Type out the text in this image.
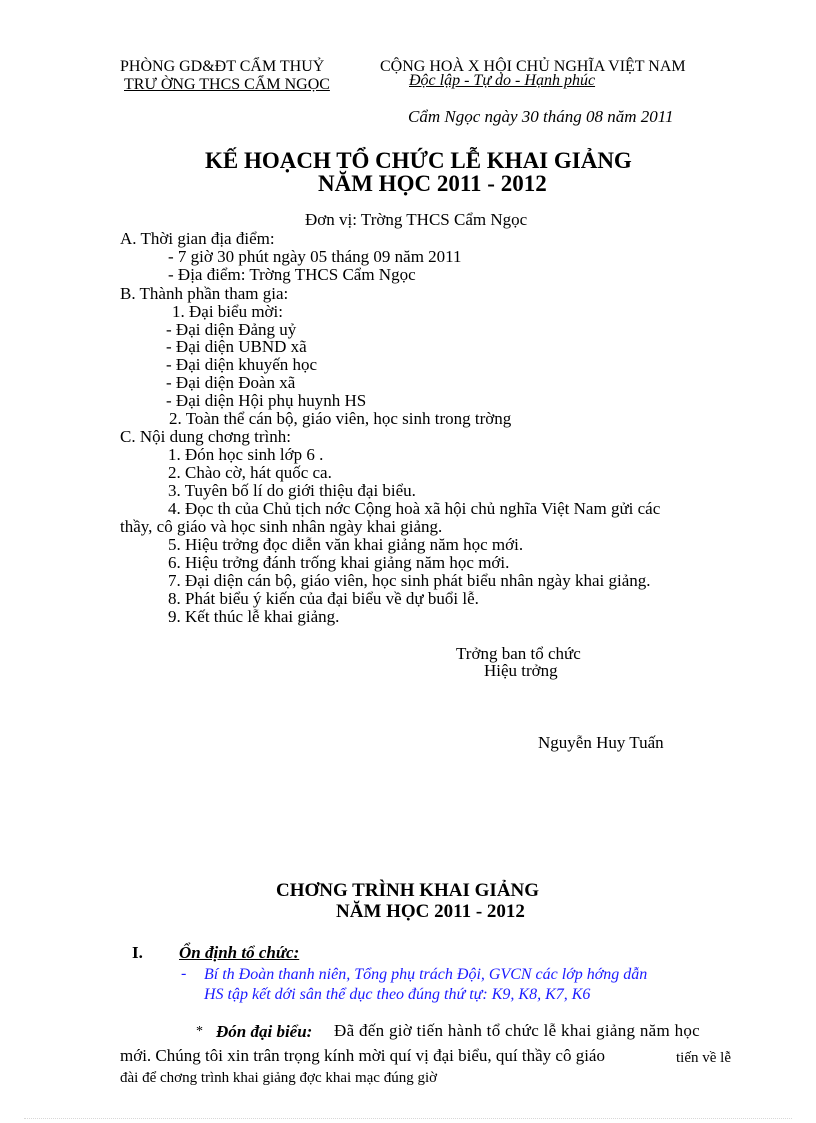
PHÒNG GD&ĐT CẨM THUỶ
TRƯ ỜNG THCS CẨM NGỌC
CỘNG HOÀ X HỘI CHỦ NGHĨA VIỆT NAM
Độc lập - Tự do - Hạnh phúc
Cẩm Ngọc ngày 30 tháng 08 năm 2011
KẾ HOẠCH TỔ CHỨC LỄ KHAI GIẢNG
NĂM HỌC 2011 - 2012
Đơn vị: Trờng THCS Cẩm Ngọc
A. Thời gian địa điểm:
- 7 giờ 30 phút ngày 05 tháng 09 năm 2011
- Địa điểm: Trờng THCS Cẩm Ngọc
B. Thành phần tham gia:
1. Đại biểu mời:
- Đại diện Đảng uỷ
- Đại diện UBND xã
- Đại diện khuyến học
- Đại diện Đoàn xã
- Đại diện Hội phụ huynh HS
2. Toàn thể cán bộ, giáo viên, học sinh trong trờng
C. Nội dung chơng trình:
1. Đón học sinh lớp 6 .
2. Chào cờ, hát quốc ca.
3. Tuyên bố lí do giới thiệu đại biểu.
4. Đọc th của Chủ tịch nớc Cộng hoà xã hội chủ nghĩa Việt Nam gửi các
thầy, cô giáo và học sinh nhân ngày khai giảng.
5. Hiệu trởng đọc diễn văn khai giảng năm học mới.
6. Hiệu trởng đánh trống khai giảng năm học mới.
7. Đại diện cán bộ, giáo viên, học sinh phát biểu nhân ngày khai giảng.
8. Phát biểu ý kiến của đại biểu về dự buổi lễ.
9. Kết thúc lễ khai giảng.
Trởng ban tổ chức
Hiệu trởng
Nguyễn Huy Tuấn
CHƠNG TRÌNH KHAI GIẢNG
NĂM HỌC 2011 - 2012
I. Ổn định tổ chức:
- Bí th Đoàn thanh niên, Tổng phụ trách Đội, GVCN các lớp hớng dẫn
HS tập kết dới sân thể dục theo đúng thứ tự: K9, K8, K7, K6
* Đón đại biểu: Đã đến giờ tiến hành tổ chức lễ khai giảng năm học
mới. Chúng tôi xin trân trọng kính mời quí vị đại biểu, quí thầy cô giáo	tiến về lễ
đài để chơng trình khai giảng đợc khai mạc đúng giờ
